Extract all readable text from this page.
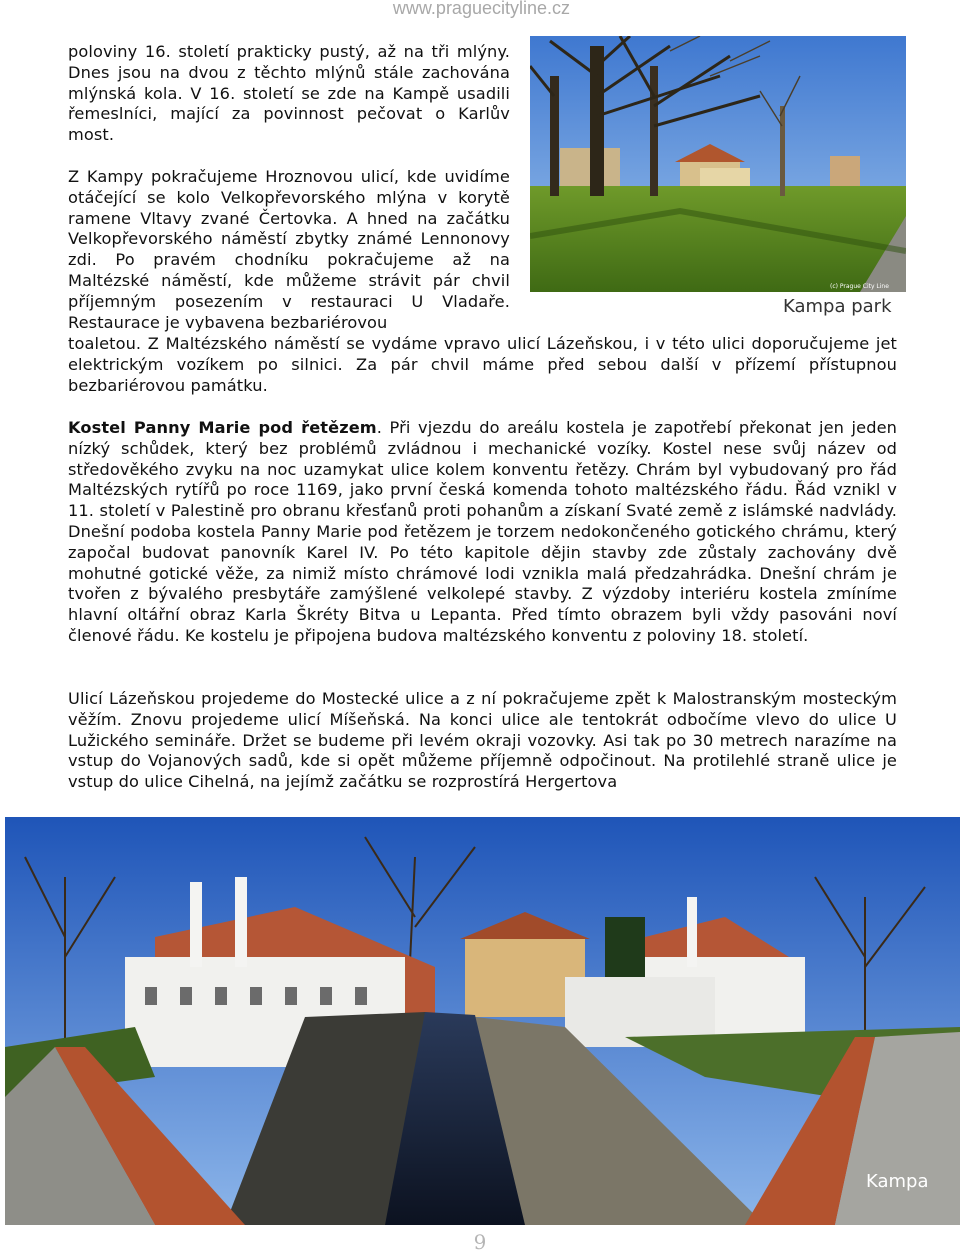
www.praguecityline.cz

poloviny 16. století prakticky pustý, až na tři mlýny. Dnes jsou na dvou z těchto mlýnů stále zachována mlýnská kola. V 16. století se zde na Kampě usadili řemeslníci, mající za povinnost pečovat o Karlův most.

Z Kampy pokračujeme Hroznovou ulicí, kde uvidíme otáčející se kolo Velkopřevorského mlýna v korytě ramene Vltavy zvané Čertovka. A hned na začátku Velkopřevorského náměstí zbytky známé Lennonovy zdi. Po pravém chodníku pokračujeme až na Maltézské náměstí, kde můžeme strávit pár chvil příjemným posezením v restauraci U Vladaře. Restaurace je vybavena bezbariérovou

toaletou. Z Maltézského náměstí se vydáme vpravo ulicí Lázeňskou, i v této ulici doporučujeme jet elektrickým vozíkem po silnici. Za pár chvil máme před sebou další v přízemí přístupnou bezbariérovou památku.
Kostel Panny Marie pod řetězem. Při vjezdu do areálu kostela je zapotřebí překonat jen jeden nízký schůdek, který bez problémů zvládnou i mechanické vozíky. Kostel nese svůj název od středověkého zvyku na noc uzamykat ulice kolem konventu řetězy. Chrám byl vybudovaný pro řád Maltézských rytířů po roce 1169, jako první česká komenda tohoto maltézského řádu. Řád vznikl v 11. století v Palestině pro obranu křesťanů proti pohanům a získaní Svaté země z islámské nadvlády. Dnešní podoba kostela Panny Marie pod řetězem je torzem nedokončeného gotického chrámu, který započal budovat panovník Karel IV. Po této kapitole dějin stavby zde zůstaly zachovány dvě mohutné gotické věže, za nimiž místo chrámové lodi vznikla malá předzahrádka. Dnešní chrám je tvořen z bývalého presbytáře zamýšlené velkolepé stavby. Z výzdoby interiéru kostela zmíníme hlavní oltářní obraz Karla Škréty Bitva u Lepanta. Před tímto obrazem byli vždy pasováni noví členové řádu. Ke kostelu je připojena budova maltézského konventu z poloviny 18. století.
Ulicí Lázeňskou projedeme do Mostecké ulice a z ní pokračujeme zpět k Malostranským mosteckým věžím. Znovu projedeme ulicí Míšeňská. Na konci ulice ale tentokrát odbočíme vlevo do ulice U Lužického semináře. Držet se budeme při levém okraji vozovky. Asi tak po 30 metrech narazíme na vstup do Vojanových sadů, kde si opět můžeme příjemně odpočinout. Na protilehlé straně ulice je vstup do ulice Cihelná, na jejímž začátku se rozprostírá Hergertova
(c) Prague City Line
Kampa park
Kampa
9
